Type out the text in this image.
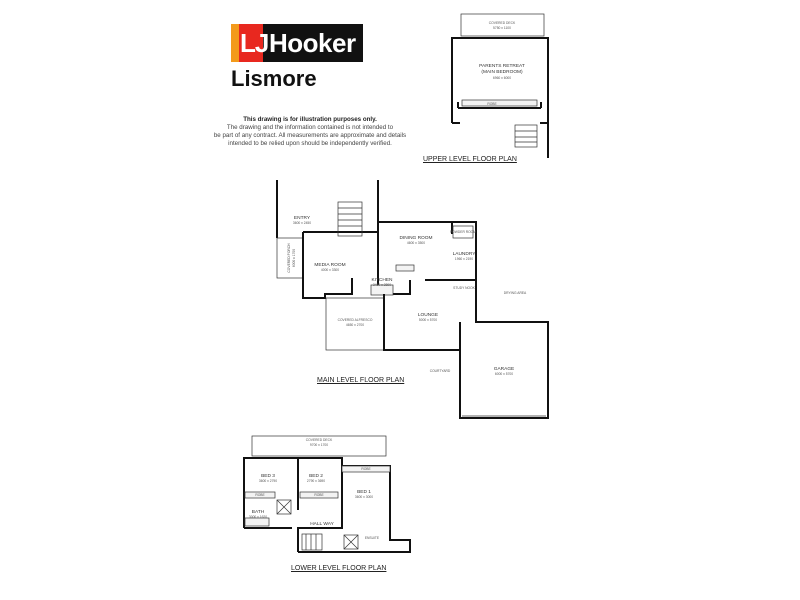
LJ Hooker
Lismore
This drawing is for illustration purposes only.
The drawing and the information contained is not intended to
be part of any contract. All measurements are approximate and details
intended to be relied upon should be independently verified.
UPPER LEVEL FLOOR PLAN
MAIN LEVEL FLOOR PLAN
LOWER LEVEL FLOOR PLAN
COVERED DECK
5750 x 1100
PARENTS RETREAT
(MAIN BEDROOM)
6960 x 6000
ROBE
ENTRY
3600 x 2450
COVERED PORCH 6000 x 1700	MEDIA ROOM
4000 x 3300
DINING ROOM
4600 x 3500
KITCHEN
3450 x 2800
POWDER ROOM
LAUNDRY
1960 x 2190
STUDY NOOK
DRYING AREA
COVERED ALFRESCO
4650 x 2700
LOUNGE
5000 x 5700
COURTYARD	GARAGE
6000 x 5700
COVERED DECK
9700 x 1700
BED 3
3600 x 2790
BED 2
2790 x 3690
BED 1
3600 x 3000
BATH
3000 x 1620
HALL WAY
ENSUITE
ROBE	ROBE
ROBE
